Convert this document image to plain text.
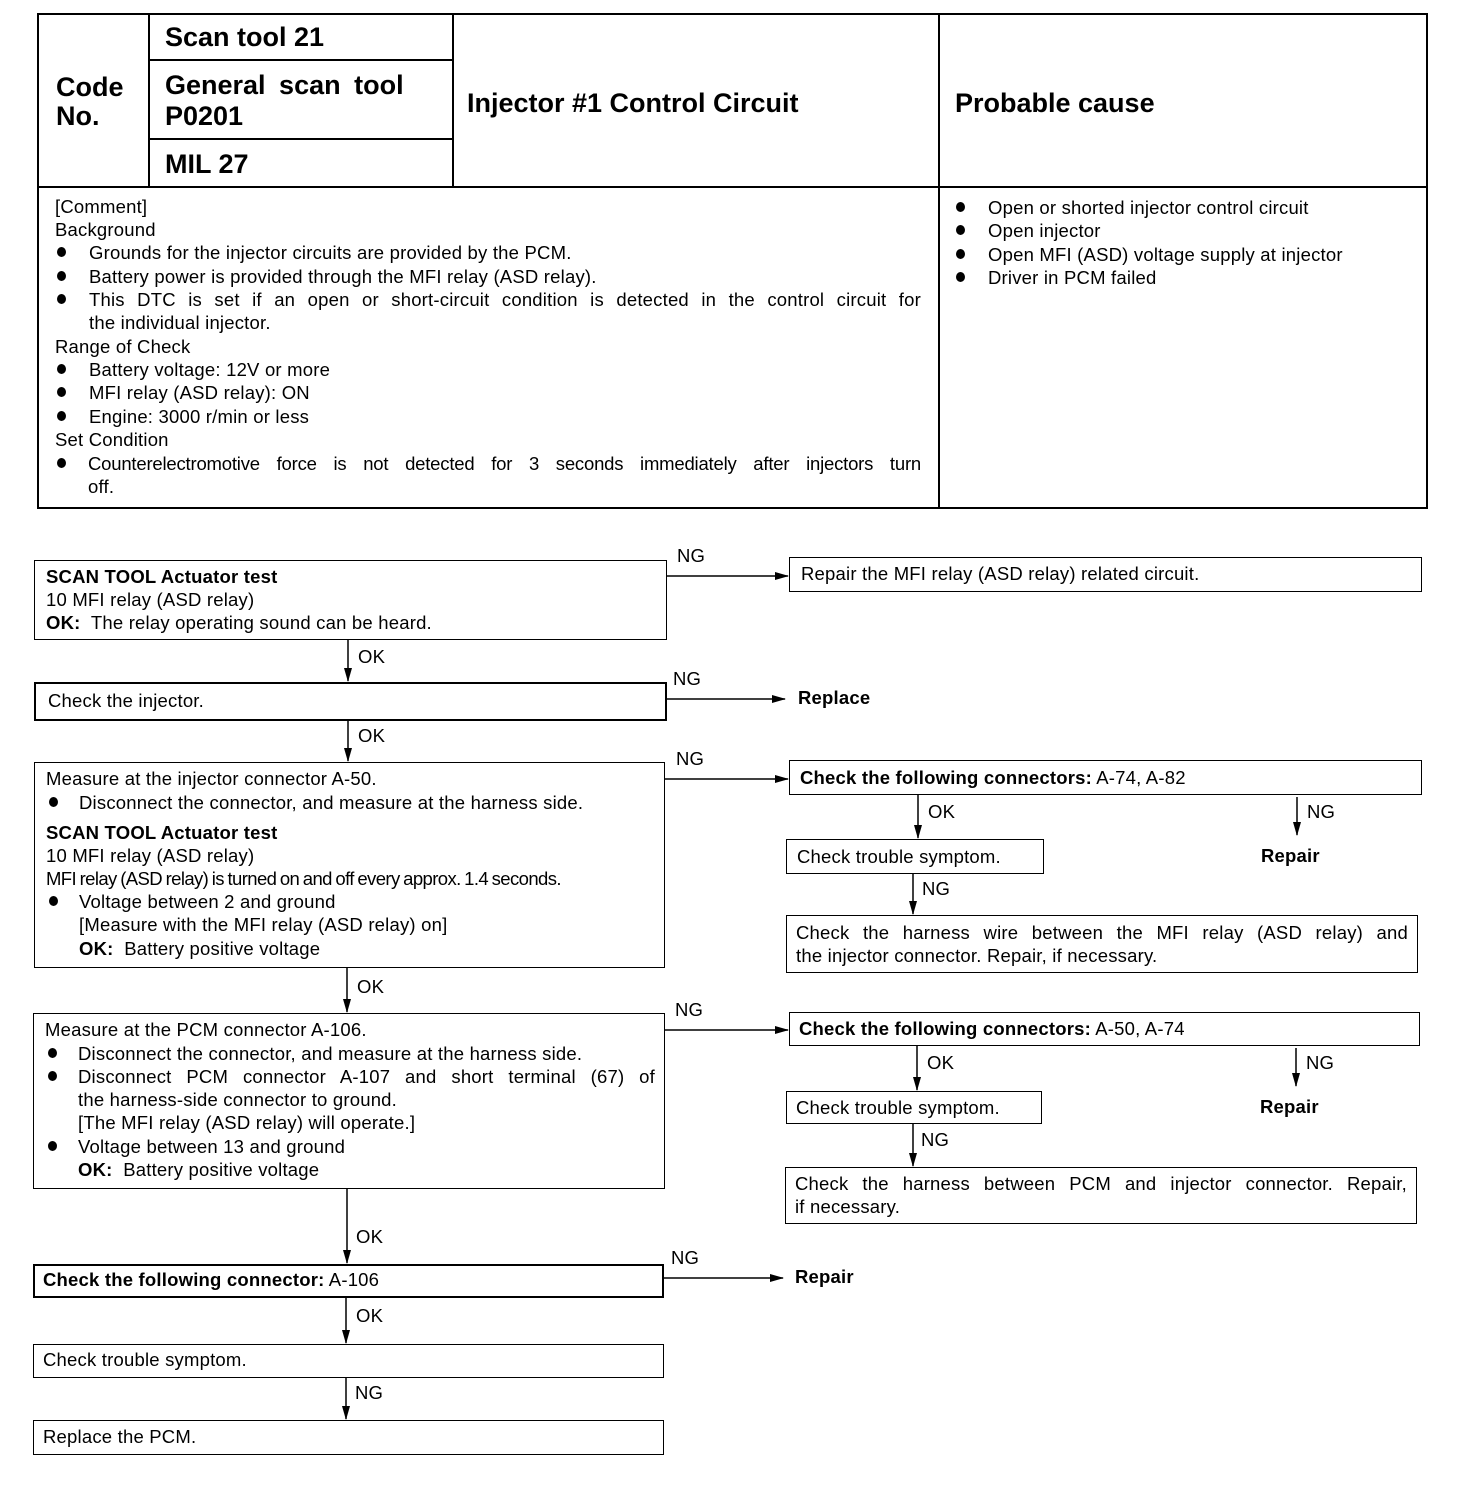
Code
No.
Scan tool 21
General scan tool
P0201
MIL 27
Injector #1 Control Circuit	Probable cause
[Comment]
Background
Grounds for the injector circuits are provided by the PCM.
Battery power is provided through the MFI relay (ASD relay).
This DTC is set if an open or short-circuit condition is detected in the control circuit for
the individual injector.
Range of Check
Battery voltage: 12V or more
MFI relay (ASD relay): ON
Engine: 3000 r/min or less
Set Condition
Counterelectromotive force is not detected for 3 seconds immediately after injectors turn
off.
Open or shorted injector control circuit
Open injector
Open MFI (ASD) voltage supply at injector
Driver in PCM failed
NG
OK
NG
OK
NG
OK	NG
NG
OK
NG
OK	NG
NG
OK
NG
OK
NG
SCAN TOOL Actuator test
10 MFI relay (ASD relay)
OK: The relay operating sound can be heard.
Repair the MFI relay (ASD relay) related circuit.
Check the injector.	Replace
Measure at the injector connector A-50.
Disconnect the connector, and measure at the harness side.
SCAN TOOL Actuator test
10 MFI relay (ASD relay)
MFI relay (ASD relay) is turned on and off every approx. 1.4 seconds.
Voltage between 2 and ground
[Measure with the MFI relay (ASD relay) on]
OK: Battery positive voltage
Check the following connectors: A-74, A-82
Repair
Check trouble symptom.
Check the harness wire between the MFI relay (ASD relay) and
the injector connector. Repair, if necessary.
Measure at the PCM connector A-106.
Disconnect the connector, and measure at the harness side.
Disconnect PCM connector A-107 and short terminal (67) of
the harness-side connector to ground.
[The MFI relay (ASD relay) will operate.]
Voltage between 13 and ground
OK: Battery positive voltage
Check the following connectors: A-50, A-74
Repair
Check trouble symptom.
Check the harness between PCM and injector connector. Repair,
if necessary.
Check the following connector: A-106	Repair
Check trouble symptom.
Replace the PCM.
